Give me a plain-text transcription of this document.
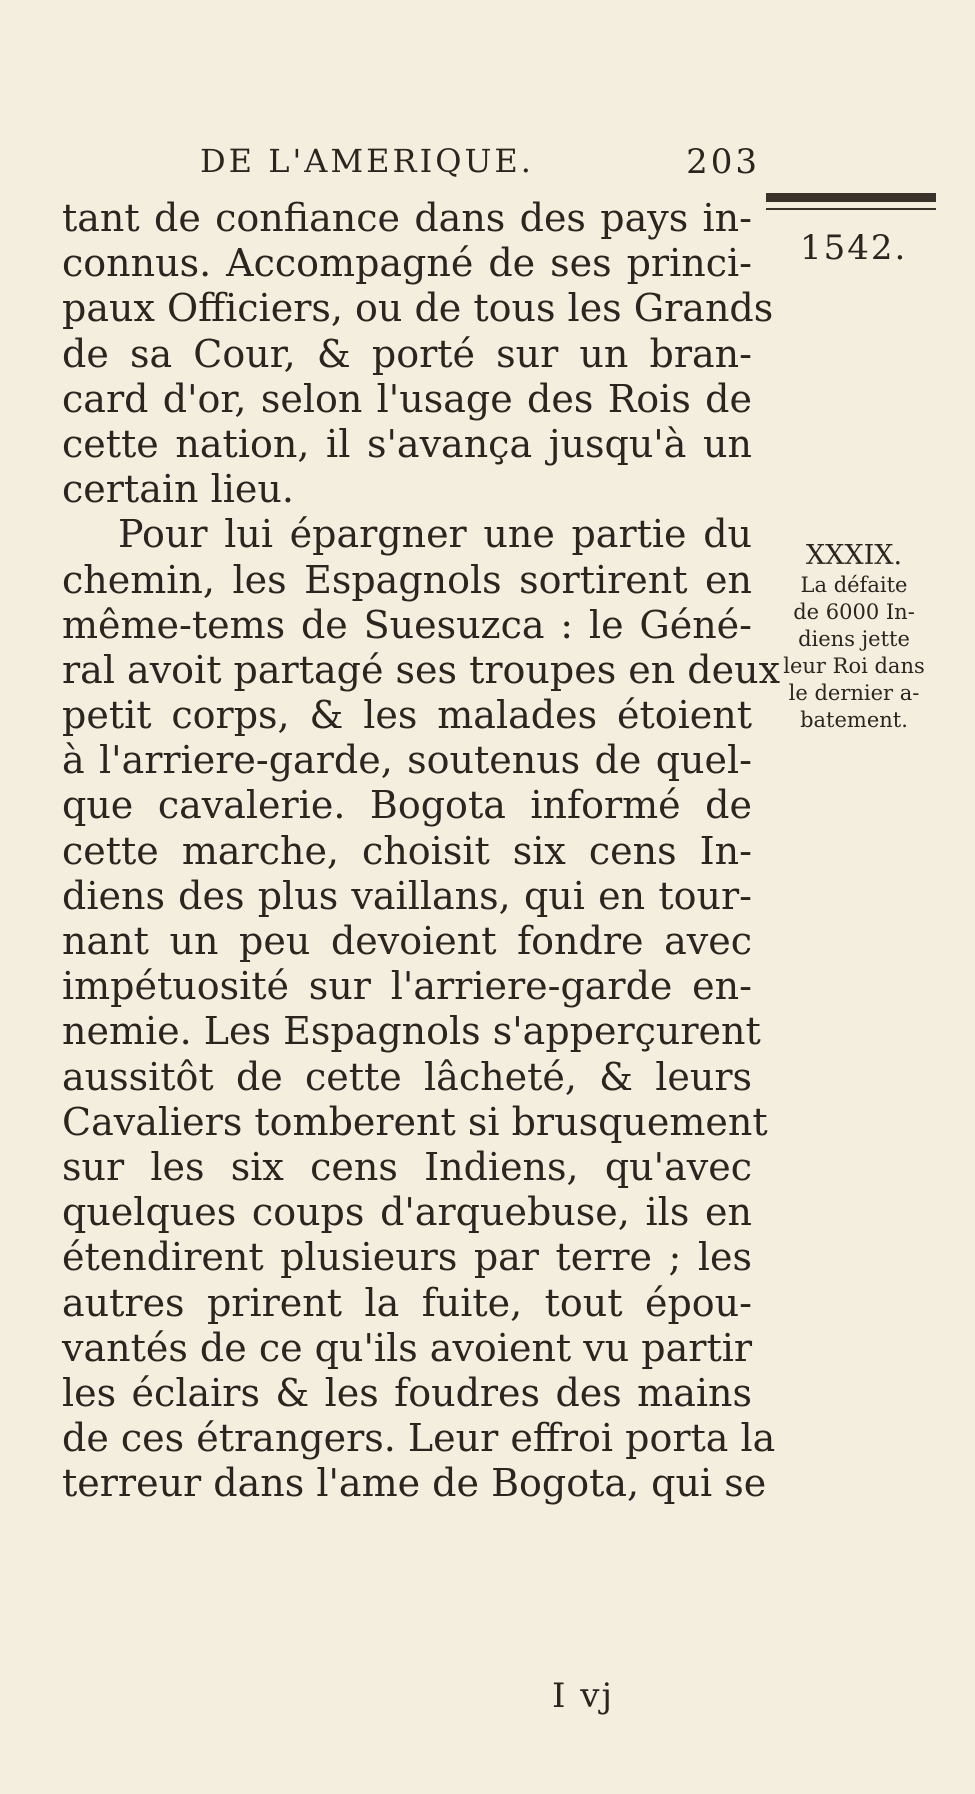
DE L'AMERIQUE.	203
1542.
tant de confiance dans des pays in-
connus. Accompagné de ses princi-
paux Officiers, ou de tous les Grands
de sa Cour, & porté sur un bran-
card d'or, selon l'usage des Rois de
cette nation, il s'avança jusqu'à un
certain lieu.
Pour lui épargner une partie du
chemin, les Espagnols sortirent en
même-tems de Suesuzca : le Géné-
ral avoit partagé ses troupes en deux
petit corps, & les malades étoient
à l'arriere-garde, soutenus de quel-
que cavalerie. Bogota informé de
cette marche, choisit six cens In-
diens des plus vaillans, qui en tour-
nant un peu devoient fondre avec
impétuosité sur l'arriere-garde en-
nemie. Les Espagnols s'apperçurent
aussitôt de cette lâcheté, & leurs
Cavaliers tomberent si brusquement
sur les six cens Indiens, qu'avec
quelques coups d'arquebuse, ils en
étendirent plusieurs par terre ; les
autres prirent la fuite, tout épou-
vantés de ce qu'ils avoient vu partir
les éclairs & les foudres des mains
de ces étrangers. Leur effroi porta la
terreur dans l'ame de Bogota, qui se
XXXIX.
La défaite
de 6000 In-
diens jette
leur Roi dans
le dernier a-
batement.
I vj
